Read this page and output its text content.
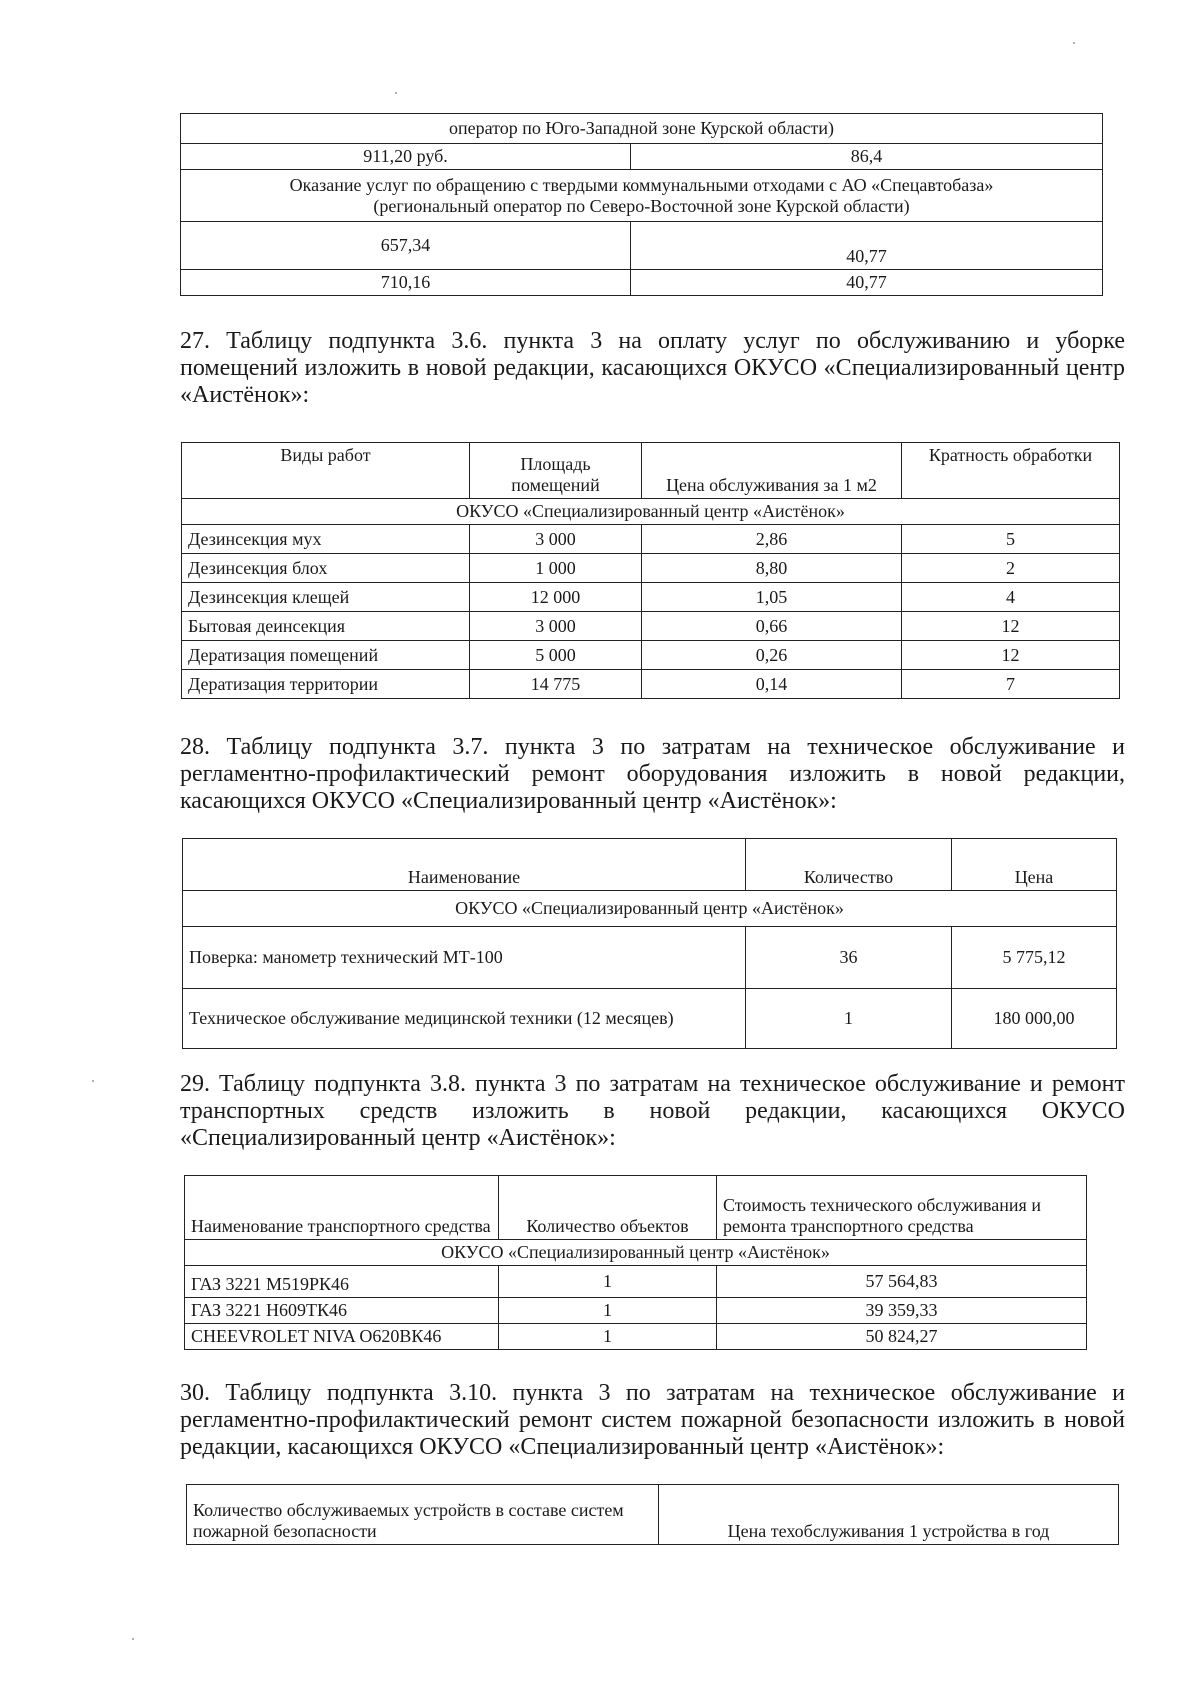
оператор по Юго-Западной зоне Курской области)	
911,20 руб.	86,4
Оказание услуг по обращению с твердыми коммунальными отходами с АО «Спецавтобаза» (региональный оператор по Северо-Восточной зоне Курской области)	
657,34	40,77
710,16	40,77

27. Таблицу подпункта 3.6. пункта 3 на оплату услуг по обслуживанию и уборке помещений изложить в новой редакции, касающихся ОКУСО «Специализированный центр «Аистёнок»:

Виды работ	Площадь помещений	Цена обслуживания за 1 м2	Кратность обработки
ОКУСО «Специализированный центр «Аистёнок»			
Дезинсекция мух	3 000	2,86	5
Дезинсекция блох	1 000	8,80	2
Дезинсекция клещей	12 000	1,05	4
Бытовая деинсекция	3 000	0,66	12
Дератизация помещений	5 000	0,26	12
Дератизация территории	14 775	0,14	7

28. Таблицу подпункта 3.7. пункта 3 по затратам на техническое обслуживание и регламентно-профилактический ремонт оборудования изложить в новой редакции, касающихся ОКУСО «Специализированный центр «Аистёнок»:

Наименование	Количество	Цена
ОКУСО «Специализированный центр «Аистёнок»		
Поверка: манометр технический МТ-100	36	5 775,12
Техническое обслуживание медицинской техники (12 месяцев)	1	180 000,00

29. Таблицу подпункта 3.8. пункта 3 по затратам на техническое обслуживание и ремонт транспортных средств изложить в новой редакции, касающихся ОКУСО «Специализированный центр «Аистёнок»:

Наименование транспортного средства	Количество объектов	Стоимость технического обслуживания и ремонта транспортного средства
ОКУСО «Специализированный центр «Аистёнок»		
ГАЗ 3221 М519РК46	1	57 564,83
ГАЗ 3221 Н609ТК46	1	39 359,33
CHEEVROLET NIVA О620ВК46	1	50 824,27

30. Таблицу подпункта 3.10. пункта 3 по затратам на техническое обслуживание и регламентно-профилактический ремонт систем пожарной безопасности изложить в новой редакции, касающихся ОКУСО «Специализированный центр «Аистёнок»:

Количество обслуживаемых устройств в составе систем пожарной безопасности	Цена техобслуживания 1 устройства в год
